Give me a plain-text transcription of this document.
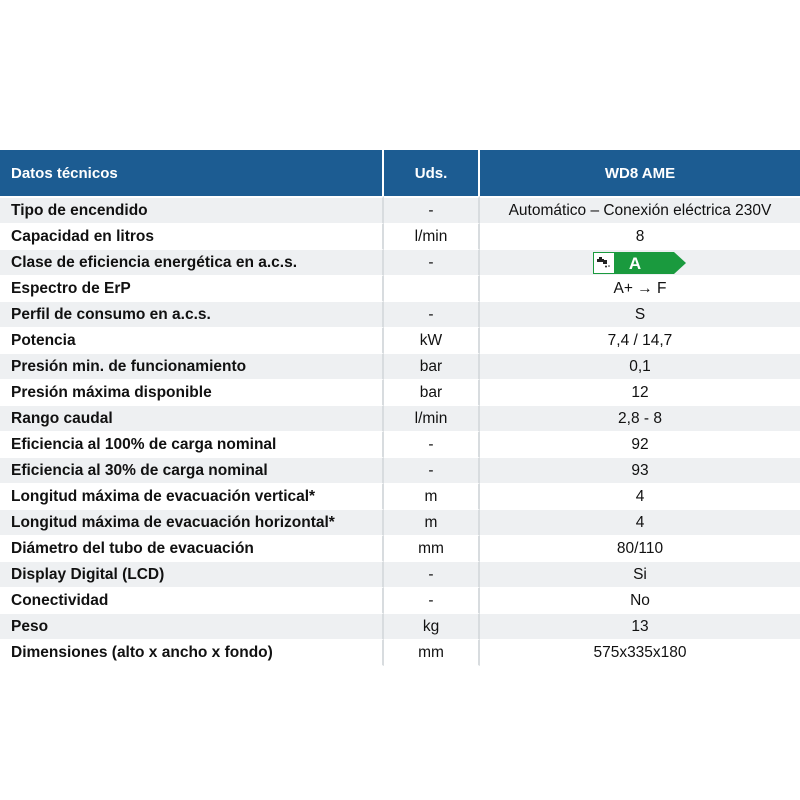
Datos técnicos	Uds.	WD8 AME
Tipo de encendido	-	Automático – Conexión eléctrica 230V
Capacidad en litros	l/min	8
Clase de eficiencia energética en a.c.s.	-	A

Espectro de ErP		A+ → F
Perfil de consumo en a.c.s.	-	S
Potencia	kW	7,4 / 14,7
Presión min. de funcionamiento	bar	0,1
Presión máxima disponible	bar	12
Rango caudal	l/min	2,8 - 8
Eficiencia al 100% de carga nominal	-	92
Eficiencia al 30% de carga nominal	-	93
Longitud máxima de evacuación vertical*	m	4
Longitud máxima de evacuación horizontal*	m	4
Diámetro del tubo de evacuación	mm	80/110
Display Digital (LCD)	-	Si
Conectividad	-	No
Peso	kg	13
Dimensiones (alto x ancho x fondo)	mm	575x335x180
